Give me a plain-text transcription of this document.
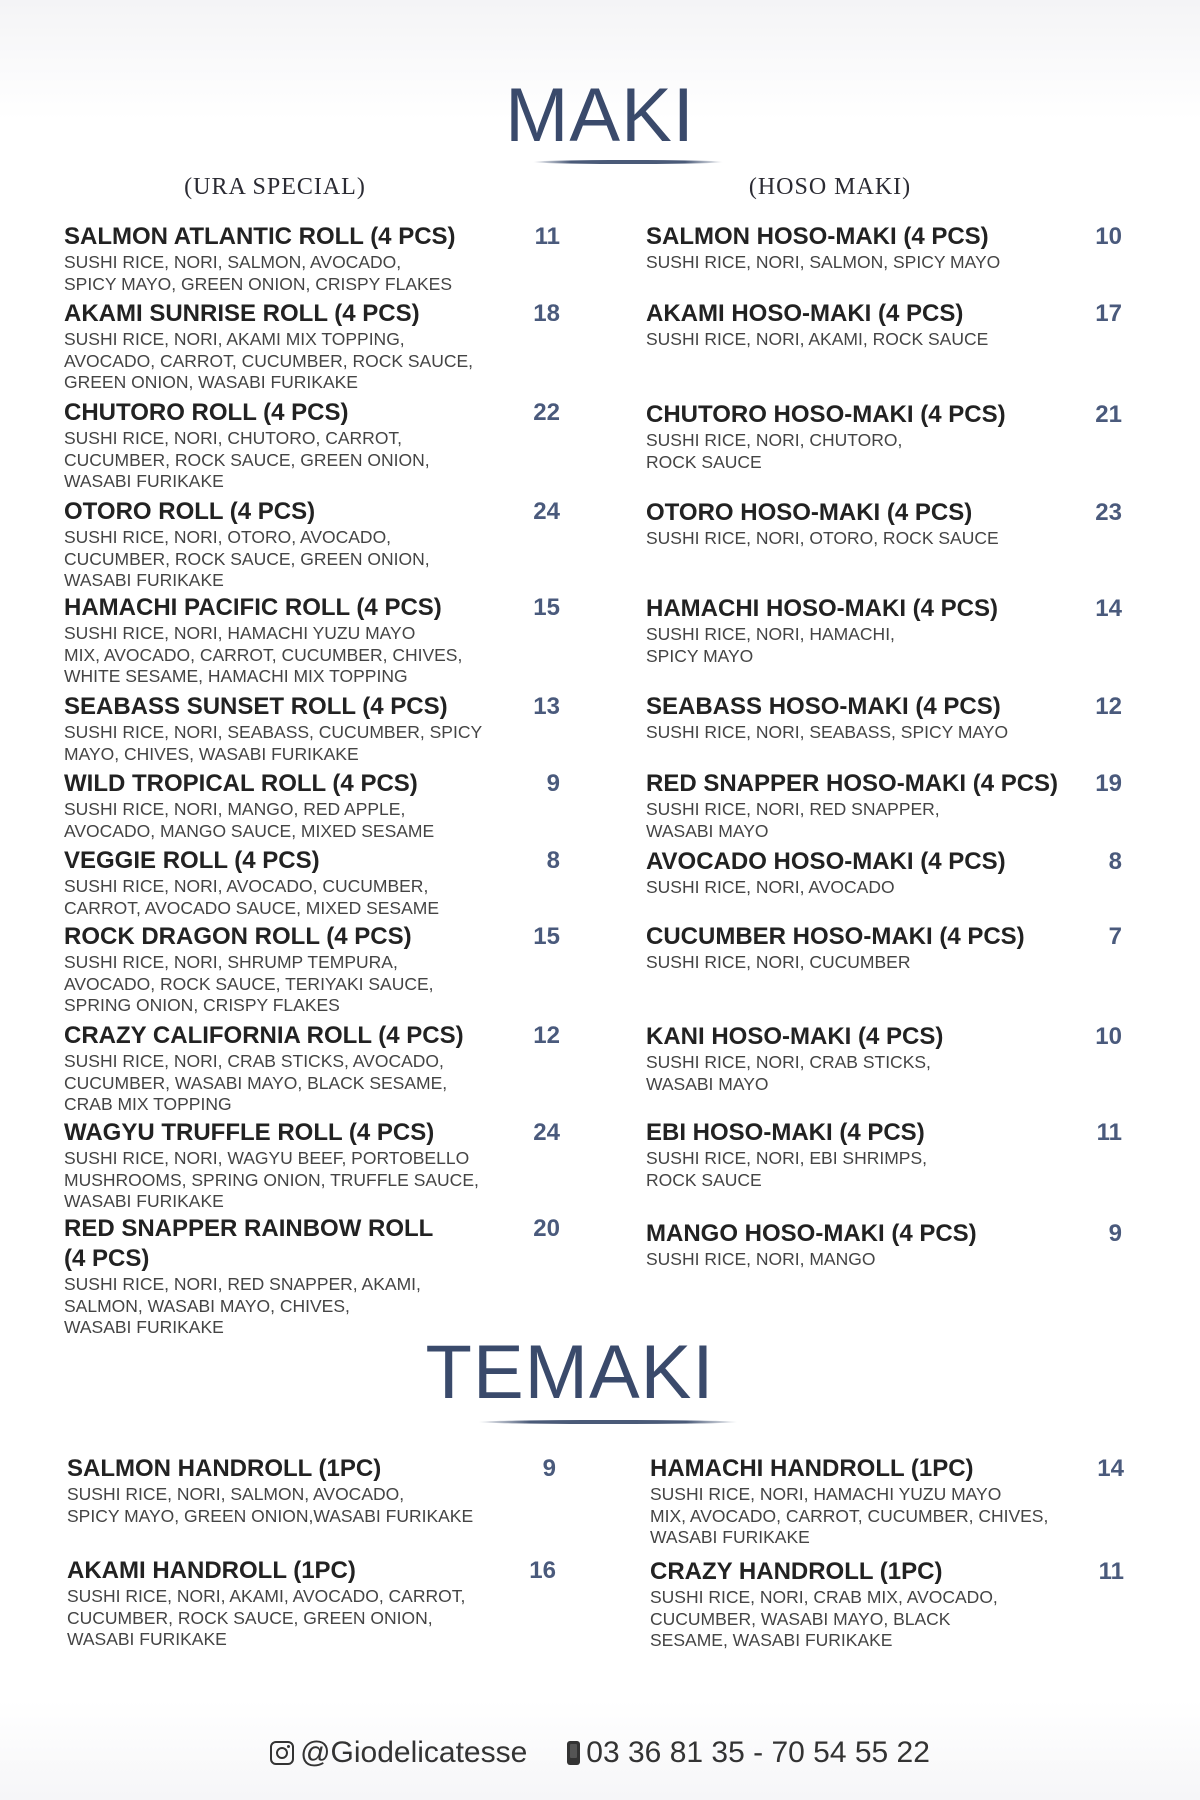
MAKI
(URA SPECIAL)	(HOSO MAKI)
SALMON ATLANTIC ROLL (4 PCS)
SUSHI RICE, NORI, SALMON, AVOCADO,
SPICY MAYO, GREEN ONION, CRISPY FLAKES
11
AKAMI SUNRISE ROLL (4 PCS)
SUSHI RICE, NORI, AKAMI MIX TOPPING,
AVOCADO, CARROT, CUCUMBER, ROCK SAUCE,
GREEN ONION, WASABI FURIKAKE
18
CHUTORO ROLL (4 PCS)
SUSHI RICE, NORI, CHUTORO, CARROT,
CUCUMBER, ROCK SAUCE, GREEN ONION,
WASABI FURIKAKE
22
OTORO ROLL (4 PCS)
SUSHI RICE, NORI, OTORO, AVOCADO,
CUCUMBER, ROCK SAUCE, GREEN ONION,
WASABI FURIKAKE
24
HAMACHI PACIFIC ROLL (4 PCS)
SUSHI RICE, NORI, HAMACHI YUZU MAYO
MIX, AVOCADO, CARROT, CUCUMBER, CHIVES,
WHITE SESAME, HAMACHI MIX TOPPING
15
SEABASS SUNSET ROLL (4 PCS)
SUSHI RICE, NORI, SEABASS, CUCUMBER, SPICY
MAYO, CHIVES, WASABI FURIKAKE
13
WILD TROPICAL ROLL (4 PCS)
SUSHI RICE, NORI, MANGO, RED APPLE,
AVOCADO, MANGO SAUCE, MIXED SESAME
9
VEGGIE ROLL (4 PCS)
SUSHI RICE, NORI, AVOCADO, CUCUMBER,
CARROT, AVOCADO SAUCE, MIXED SESAME
8
ROCK DRAGON ROLL (4 PCS)
SUSHI RICE, NORI, SHRUMP TEMPURA,
AVOCADO, ROCK SAUCE, TERIYAKI SAUCE,
SPRING ONION, CRISPY FLAKES
15
CRAZY CALIFORNIA ROLL (4 PCS)
SUSHI RICE, NORI, CRAB STICKS, AVOCADO,
CUCUMBER, WASABI MAYO, BLACK SESAME,
CRAB MIX TOPPING
12
WAGYU TRUFFLE ROLL (4 PCS)
SUSHI RICE, NORI, WAGYU BEEF, PORTOBELLO
MUSHROOMS, SPRING ONION, TRUFFLE SAUCE,
WASABI FURIKAKE
24
RED SNAPPER RAINBOW ROLL
(4 PCS)
SUSHI RICE, NORI, RED SNAPPER, AKAMI,
SALMON, WASABI MAYO, CHIVES,
WASABI FURIKAKE
20
SALMON HOSO-MAKI (4 PCS)
SUSHI RICE, NORI, SALMON, SPICY MAYO
10
AKAMI HOSO-MAKI (4 PCS)
SUSHI RICE, NORI, AKAMI, ROCK SAUCE
17
CHUTORO HOSO-MAKI (4 PCS)
SUSHI RICE, NORI, CHUTORO,
ROCK SAUCE
21
OTORO HOSO-MAKI (4 PCS)
SUSHI RICE, NORI, OTORO, ROCK SAUCE
23
HAMACHI HOSO-MAKI (4 PCS)
SUSHI RICE, NORI, HAMACHI,
SPICY MAYO
14
SEABASS HOSO-MAKI (4 PCS)
SUSHI RICE, NORI, SEABASS, SPICY MAYO
12
RED SNAPPER HOSO-MAKI (4 PCS)
SUSHI RICE, NORI, RED SNAPPER,
WASABI MAYO
19
AVOCADO HOSO-MAKI (4 PCS)
SUSHI RICE, NORI, AVOCADO
8
CUCUMBER HOSO-MAKI (4 PCS)
SUSHI RICE, NORI, CUCUMBER
7
KANI HOSO-MAKI (4 PCS)
SUSHI RICE, NORI, CRAB STICKS,
WASABI MAYO
10
EBI HOSO-MAKI (4 PCS)
SUSHI RICE, NORI, EBI SHRIMPS,
ROCK SAUCE
11
MANGO HOSO-MAKI (4 PCS)
SUSHI RICE, NORI, MANGO
9
TEMAKI
SALMON HANDROLL (1PC)
SUSHI RICE, NORI, SALMON, AVOCADO,
SPICY MAYO, GREEN ONION,WASABI FURIKAKE
9
AKAMI HANDROLL (1PC)
SUSHI RICE, NORI, AKAMI, AVOCADO, CARROT,
CUCUMBER, ROCK SAUCE, GREEN ONION,
WASABI FURIKAKE
16
HAMACHI HANDROLL (1PC)
SUSHI RICE, NORI, HAMACHI YUZU MAYO
MIX, AVOCADO, CARROT, CUCUMBER, CHIVES,
WASABI FURIKAKE
14
CRAZY HANDROLL (1PC)
SUSHI RICE, NORI, CRAB MIX, AVOCADO,
CUCUMBER, WASABI MAYO, BLACK
SESAME, WASABI FURIKAKE
11
@Giodelicatesse 03 36 81 35 - 70 54 55 22
